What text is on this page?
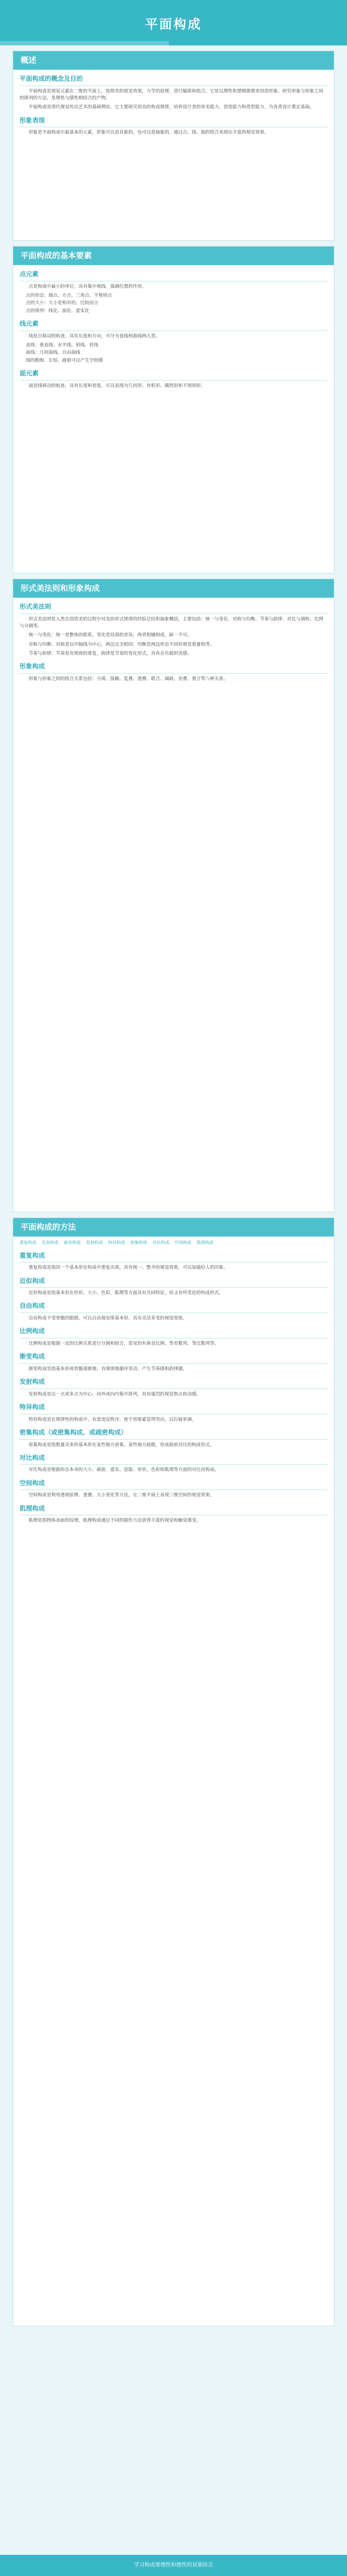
平面构成
概述
平面构成的概念及目的

平面构成是视觉元素在二维的平面上，按照美的视觉效果，力学的原理，进行编排和组合，它是以理性和逻辑推理来创造形象、研究形象与形象之间的排列的方法，是理性与感性相结合的产物。

平面构成是现代视觉传达艺术的基础理论，它主要研究形态的构成规律，培养设计者的审美能力、创造能力和造型能力，为各类设计奠定基础。

形象表现

形象是平面构成中最基本的元素，形象可以是具象的，也可以是抽象的，通过点、线、面的组合表现出丰富的视觉效果。

平面构成的基本要素
点元素

点是构成中最小的单位，具有集中视线、强调位置的作用。

点的形态：圆点、方点、三角点、不规则点
点的大小：大小是相对的，比较而言
点的排列：线化、面化、虚实化
线元素

线是点移动的轨迹，具有长度和方向，可分为直线和曲线两大类。

直线：垂直线、水平线、斜线、折线
曲线：几何曲线、自由曲线
线的粗细、长短、疏密可以产生空间感
面元素

面是线移动的轨迹，具有长度和宽度，可以表现为几何形、有机形、偶然形和不规则形。

形式美法则和形象构成
形式美法则

形式美法则是人类在创造美的过程中对美的形式规律的经验总结和抽象概括，主要包括：统一与变化、对称与均衡、节奏与韵律、对比与调和、比例与分割等。

统一与变化：统一是整体的联系，变化是局部的差异，两者相辅相成，缺一不可。

对称与均衡：对称是以中轴线为中心，两边完全相同；均衡是两边形态不同但视觉重量相等。

节奏与韵律：节奏是有规律的重复，韵律是节奏的变化形式，具有音乐般的美感。

形象构成

形象与形象之间的组合关系包括：分离、接触、复叠、透叠、联合、减缺、差叠、重合等八种关系。

平面构成的方法
重复构成 近似构成 渐变构成 发射构成 特异构成 密集构成 对比构成 空间构成 肌理构成
重复构成

重复构成是指同一个基本形在构成中重复出现，具有统一、整齐的视觉效果，可以加强给人的印象。

近似构成

近似构成是指基本形在形状、大小、色彩、肌理等方面具有共同特征，但又有所变化的构成形式。

自由构成

自由构成不受骨骼的限制，可以自由地安排基本形，具有灵活多变的视觉效果。

比例构成

比例构成是根据一定的比例关系进行分割和组合，常见的有黄金比例、等差数列、等比数列等。

渐变构成

渐变构成是指基本形或骨骼逐渐地、有规律地循序变动，产生节奏感和韵律感。

发射构成

发射构成是以一点或多点为中心，向外或向内集中排列，具有强烈的视觉焦点和动感。

特异构成

特异构成是在规律性的构成中，有意违反秩序，使个别要素显得突出，以打破单调。

密集构成（或密集构成、或疏密构成）

密集构成是指数量众多的基本形在某些地方密集、某些地方疏散，形成疏密对比的构成形式。

对比构成

对比构成是根据形态本身的大小、疏密、虚实、显隐、形状、色彩和肌理等方面的对比而构成。

空间构成

空间构成是利用透视原理、重叠、大小变化等方法，在二维平面上表现三维空间的视觉效果。

肌理构成

肌理是指物体表面的纹理，肌理构成通过不同的制作方法获得丰富的视觉和触觉感受。

学习构成要理性和感性的双重结合
